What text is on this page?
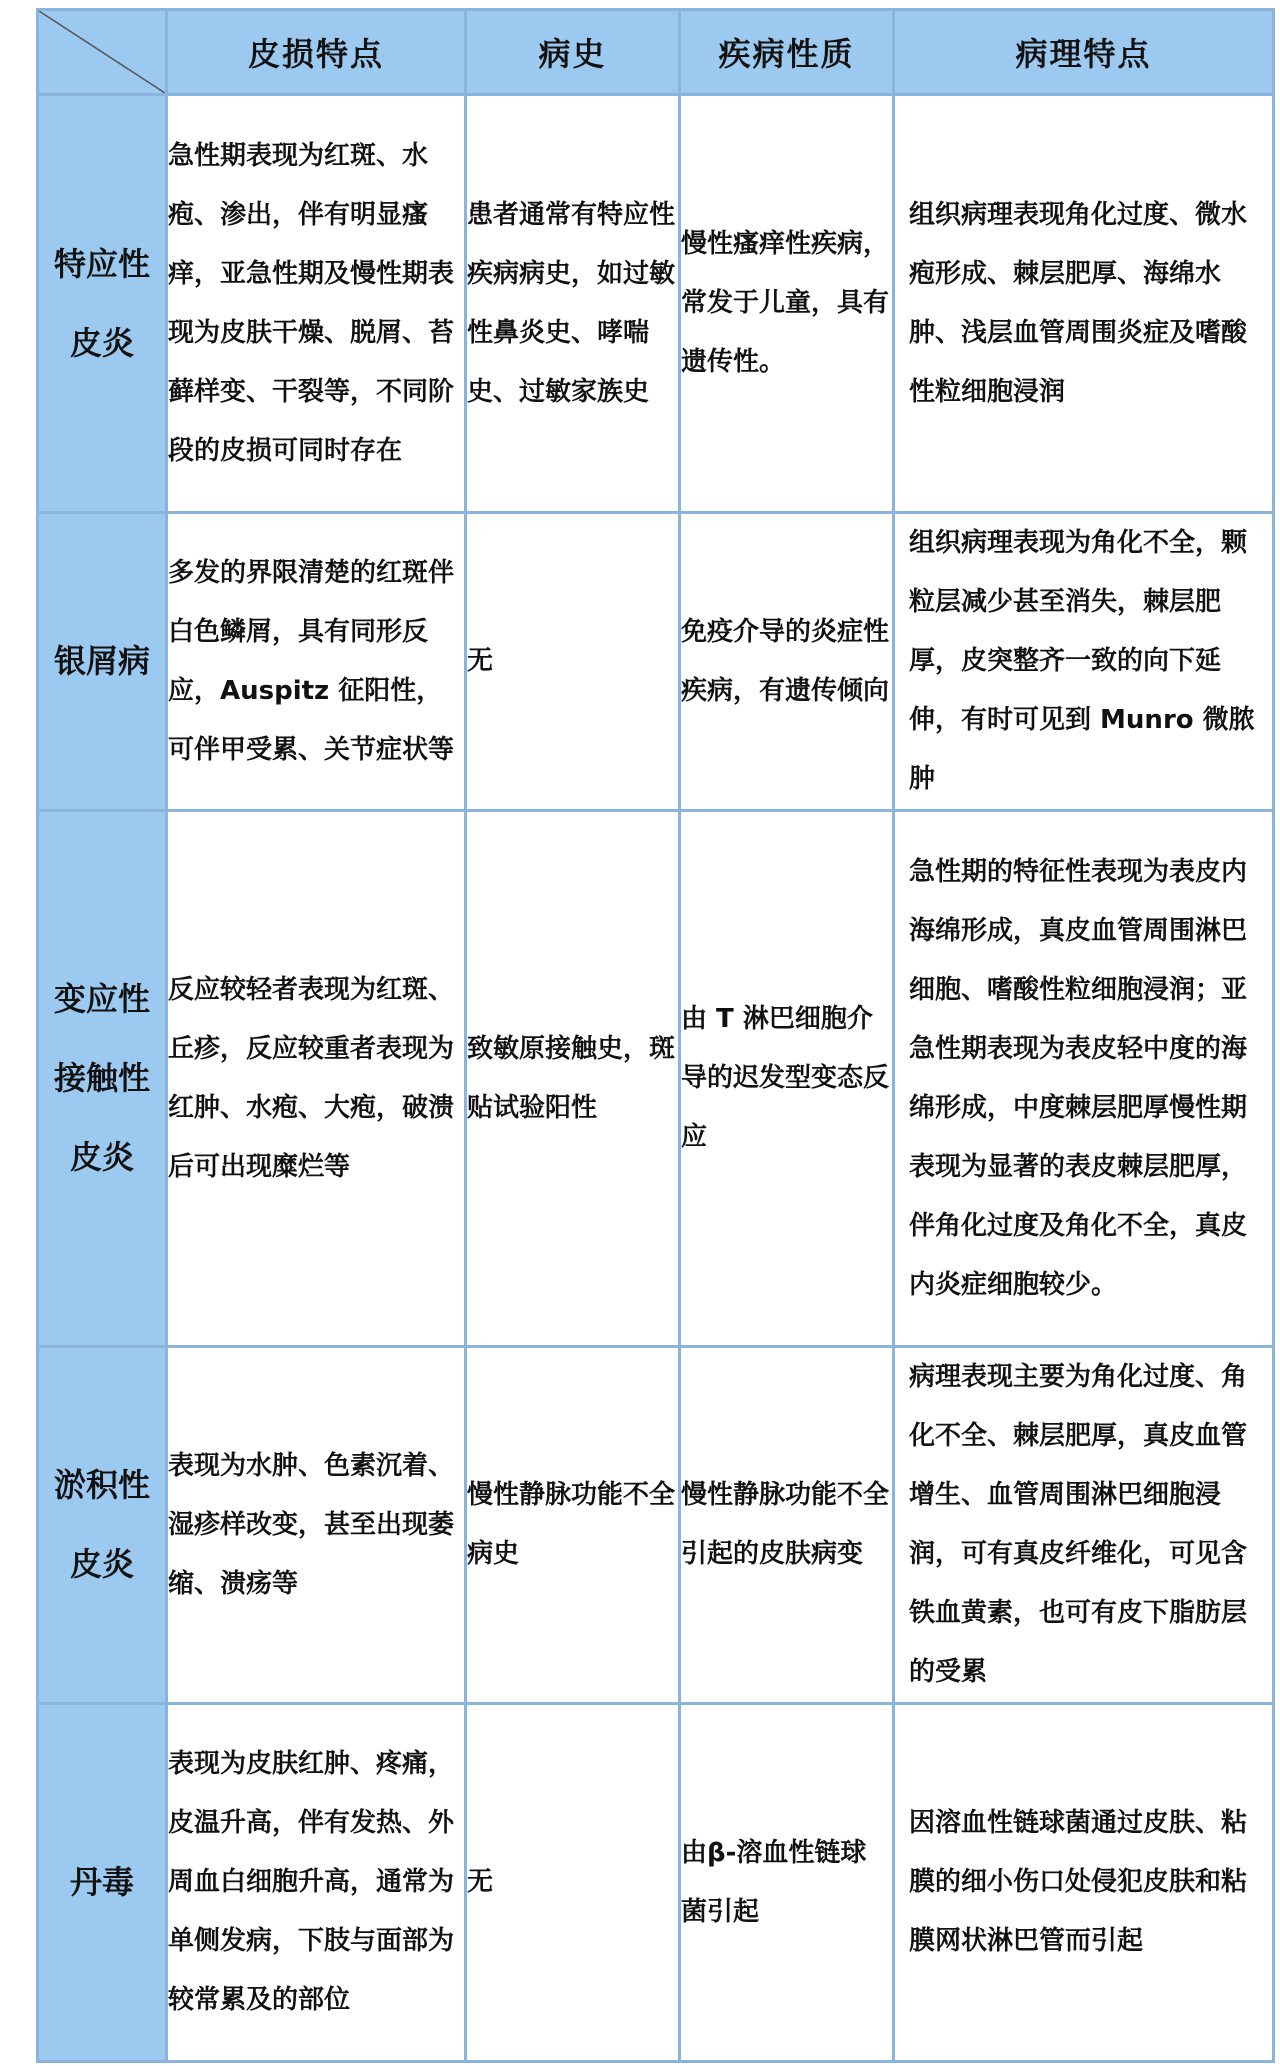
	皮损特点	病史	疾病性质	病理特点
特应性皮炎	急性期表现为红斑、水疱、渗出，伴有明显瘙痒，亚急性期及慢性期表现为皮肤干燥、脱屑、苔藓样变、干裂等，不同阶段的皮损可同时存在	患者通常有特应性疾病病史，如过敏性鼻炎史、哮喘史、过敏家族史	慢性瘙痒性疾病，常发于儿童，具有遗传性。	组织病理表现角化过度、微水疱形成、棘层肥厚、海绵水肿、浅层血管周围炎症及嗜酸性粒细胞浸润
银屑病	多发的界限清楚的红斑伴白色鳞屑，具有同形反应，Auspitz 征阳性，可伴甲受累、关节症状等	无	免疫介导的炎症性疾病，有遗传倾向	组织病理表现为角化不全，颗粒层减少甚至消失，棘层肥厚，皮突整齐一致的向下延伸，有时可见到 Munro 微脓肿
变应性接触性皮炎	反应较轻者表现为红斑、丘疹，反应较重者表现为红肿、水疱、大疱，破溃后可出现糜烂等	致敏原接触史，斑贴试验阳性	由 T 淋巴细胞介导的迟发型变态反应	急性期的特征性表现为表皮内海绵形成，真皮血管周围淋巴细胞、嗜酸性粒细胞浸润；亚急性期表现为表皮轻中度的海绵形成，中度棘层肥厚慢性期表现为显著的表皮棘层肥厚，伴角化过度及角化不全，真皮内炎症细胞较少。
淤积性皮炎	表现为水肿、色素沉着、湿疹样改变，甚至出现萎缩、溃疡等	慢性静脉功能不全病史	慢性静脉功能不全引起的皮肤病变	病理表现主要为角化过度、角化不全、棘层肥厚，真皮血管增生、血管周围淋巴细胞浸润，可有真皮纤维化，可见含铁血黄素，也可有皮下脂肪层的受累
丹毒	表现为皮肤红肿、疼痛，皮温升高，伴有发热、外周血白细胞升高，通常为单侧发病，下肢与面部为较常累及的部位	无	由β-溶血性链球菌引起	因溶血性链球菌通过皮肤、粘膜的细小伤口处侵犯皮肤和粘膜网状淋巴管而引起
